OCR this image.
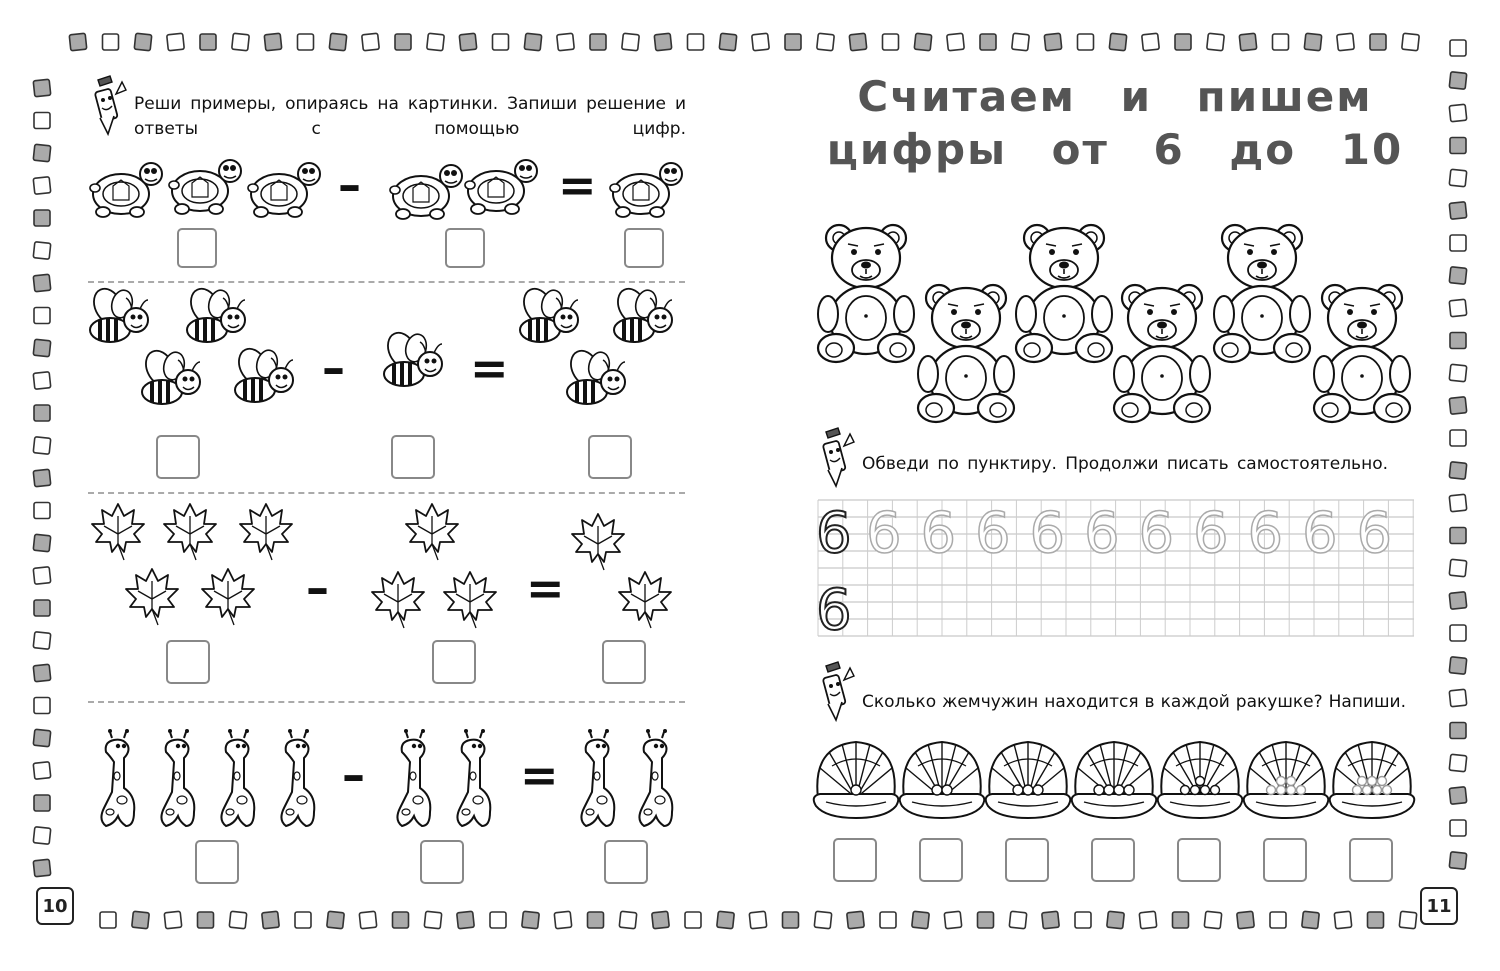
Реши примеры, опираясь на картинки. Запиши решение и ответы с помощью цифр.
–	=
–	=
–	=
–	=
10
Считаем и пишем
цифры от 6 до 10
Обведи по пунктиру. Продолжи писать самостоятельно.
6
6
6 6 6 6 6 6 6 6 6 6
Сколько жемчужин находится в каждой ракушке? Напиши.
11
